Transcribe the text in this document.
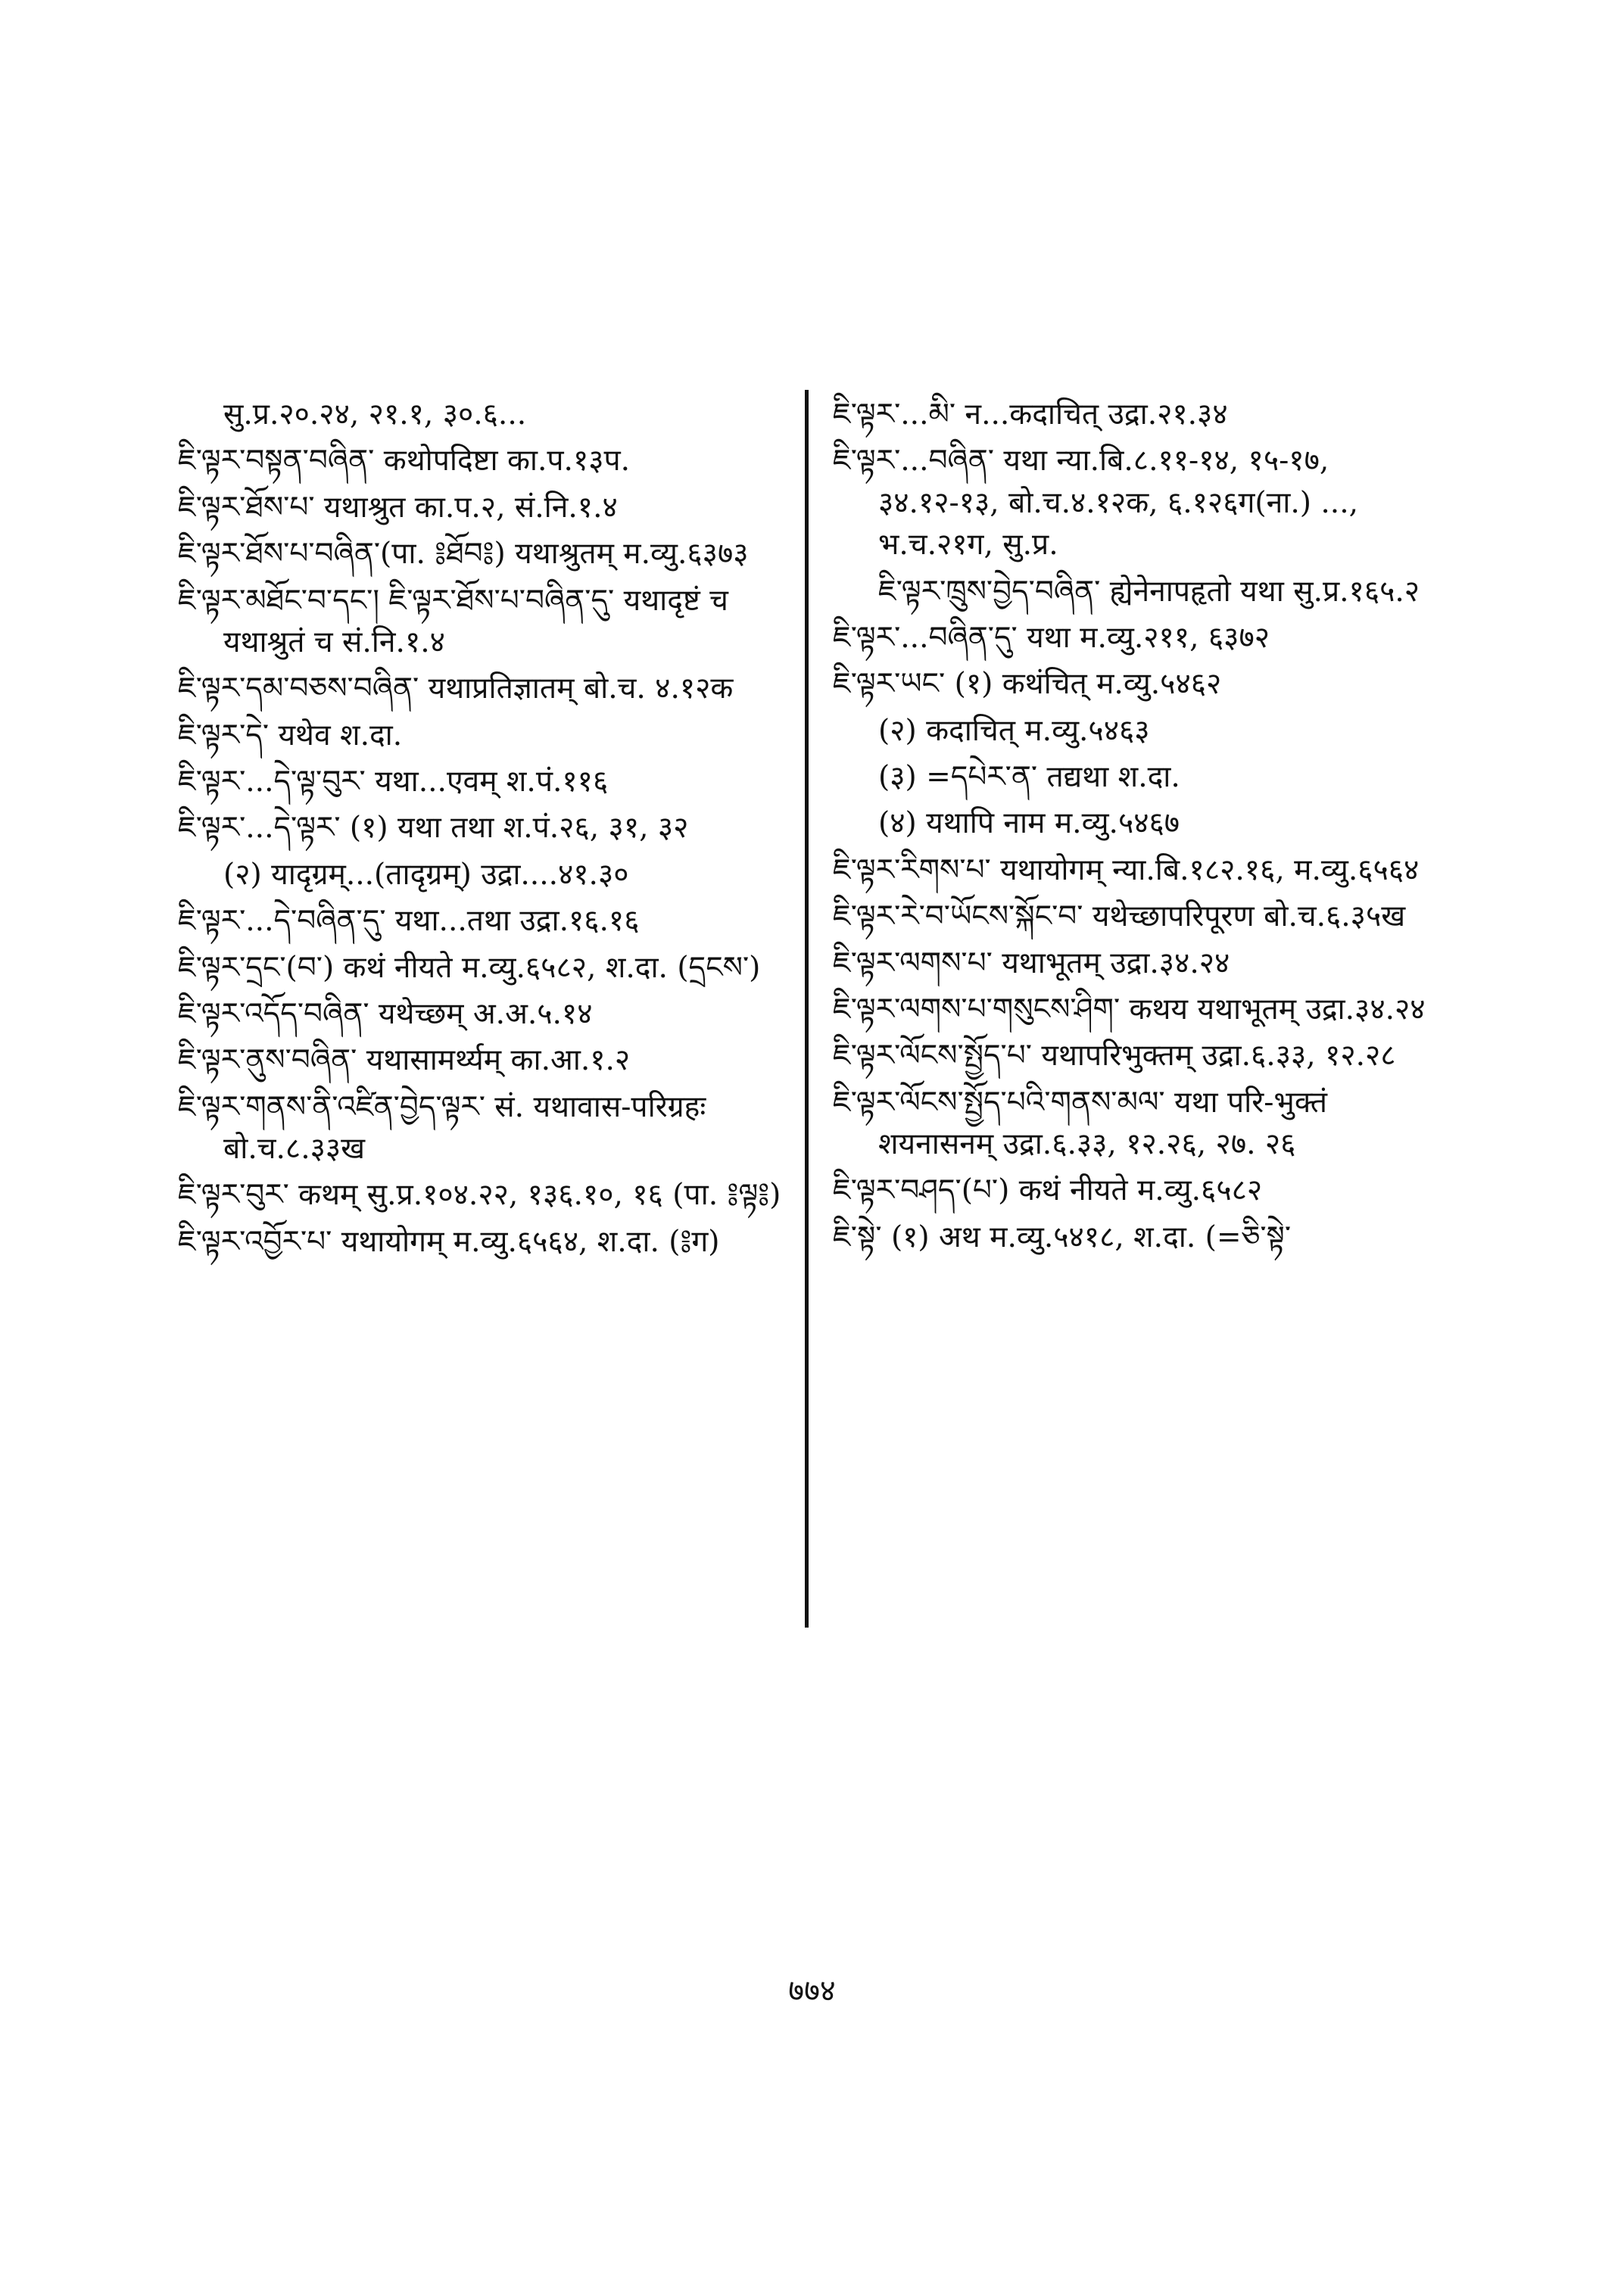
सु.प्र.२०.२४, २१.१, ३०.६...

ཇི་ལྟར་བསྟན་བཞིན་ कथोपदिष्टा का.प.१३प.

ཇི་ལྟར་ཐོས་པ་ यथाश्रुत का.प.२, सं.नि.१.४

ཇི་ལྟར་ཐོས་པ་བཞིན་(पा. ༔ཐོབ༔) यथाश्रुतम् म.व्यु.६३७३

ཇི་ལྟར་མཐོང་བ་དང་། ཇི་ལྟར་ཐོས་པ་བཞིན་དུ་ यथादृष्टं च यथाश्रुतं च सं.नि.१.४

ཇི་ལྟར་དམ་བཅས་བཞིན་ यथाप्रतिज्ञातम् बो.च. ४.१२क

ཇི་ལྟར་དེ་ यथेव श.दा.

ཇི་ལྟར་...དེ་ལྟ་བུར་ यथा...एवम् श.पं.११६

ཇི་ལྟར་...དེ་ལྟར་ (१) यथा तथा श.पं.२६, ३१, ३२

(२) यादृग्रम्...(तादृग्रम्) उद्रा....४१.३०

ཇི་ལྟར་...དེ་བཞིན་དུ་ यथा...तथा उद्रा.१६.१६

ཇི་ལྟར་དྲང་(བ་) कथं नीयते म.व्यु.६५८२, श.दा. (དྲངས་)

ཇི་ལྟར་འདོད་བཞིན་ यथेच्छम् अ.अ.५.१४

ཇི་ལྟར་ནུས་བཞིན་ यथासामर्थ्यम् का.आ.१.२

ཇི་ལྟར་གནས་ནི་འཛིན་བྱེད་ལྟར་ सं. यथावास-परिग्रहः बो.च.८.३३ख

ཇི་ལྟར་བུར་ कथम् सु.प्र.१०४.२२, १३६.१०, १६ (पा. ༔ལྟ༔)

ཇི་ལྟར་འབྱོར་པ་ यथायोगम् म.व्यु.६५६४, श.दा. (༔ग)

ཇི་ལྟར་...མི་ न...कदाचित् उद्रा.२१.३४

ཇི་ལྟར་...བཞིན་ यथा न्या.बि.८.११-१४, १५-१७, ३४.१२-१३, बो.च.४.१२क, ६.१२६ग(ना.) ..., भ.च.२१ग, सु.प्र.

ཇི་ལྟར་ཁྲུས་བྱེད་བཞིན་ ह्येनेनापहृतो यथा सु.प्र.१६५.२

ཇི་ལྟར་...བཞིན་དུ་ यथा म.व्यु.२११, ६३७२

ཇི་ལྟར་ཡང་ (१) कथंचित् म.व्यु.५४६२

(२) कदाचित् म.व्यु.५४६३

(३) =དཔེར་ན་ तद्यथा श.दा.

(४) यथापि नाम म.व्यु.५४६७

ཇི་ལྟར་རིགས་པ་ यथायोगम् न्या.बि.१८२.१६, म.व्यु.६५६४

ཇི་ལྟར་རེ་བ་ཡོངས་སྐོང་བ་ यथेच्छापरिपूरण बो.च.६.३५ख

ཇི་ལྟར་ལགས་པ་ यथाभूतम् उद्रा.३४.२४

ཇི་ལྟར་ལགས་པ་གསུངས་ཤིག་ कथय यथाभूतम् उद्रा.३४.२४

ཇི་ལྟར་ལོངས་སྤྱོད་པ་ यथापरिभुक्तम् उद्रा.६.३३, १२.२८

ཇི་ལྟར་ལོངས་སྤྱོད་པའི་གནས་མལ་ यथा परि-भुक्तं शयनासनम् उद्रा.६.३३, १२.२६, २७. २६

ཇི་ལྟར་བཤད་(པ་) कथं नीयते म.व्यु.६५८२

ཇི་སྟེ་ (१) अथ म.व्यु.५४१८, श.दा. (=ཅི་སྟེ་

७७४
